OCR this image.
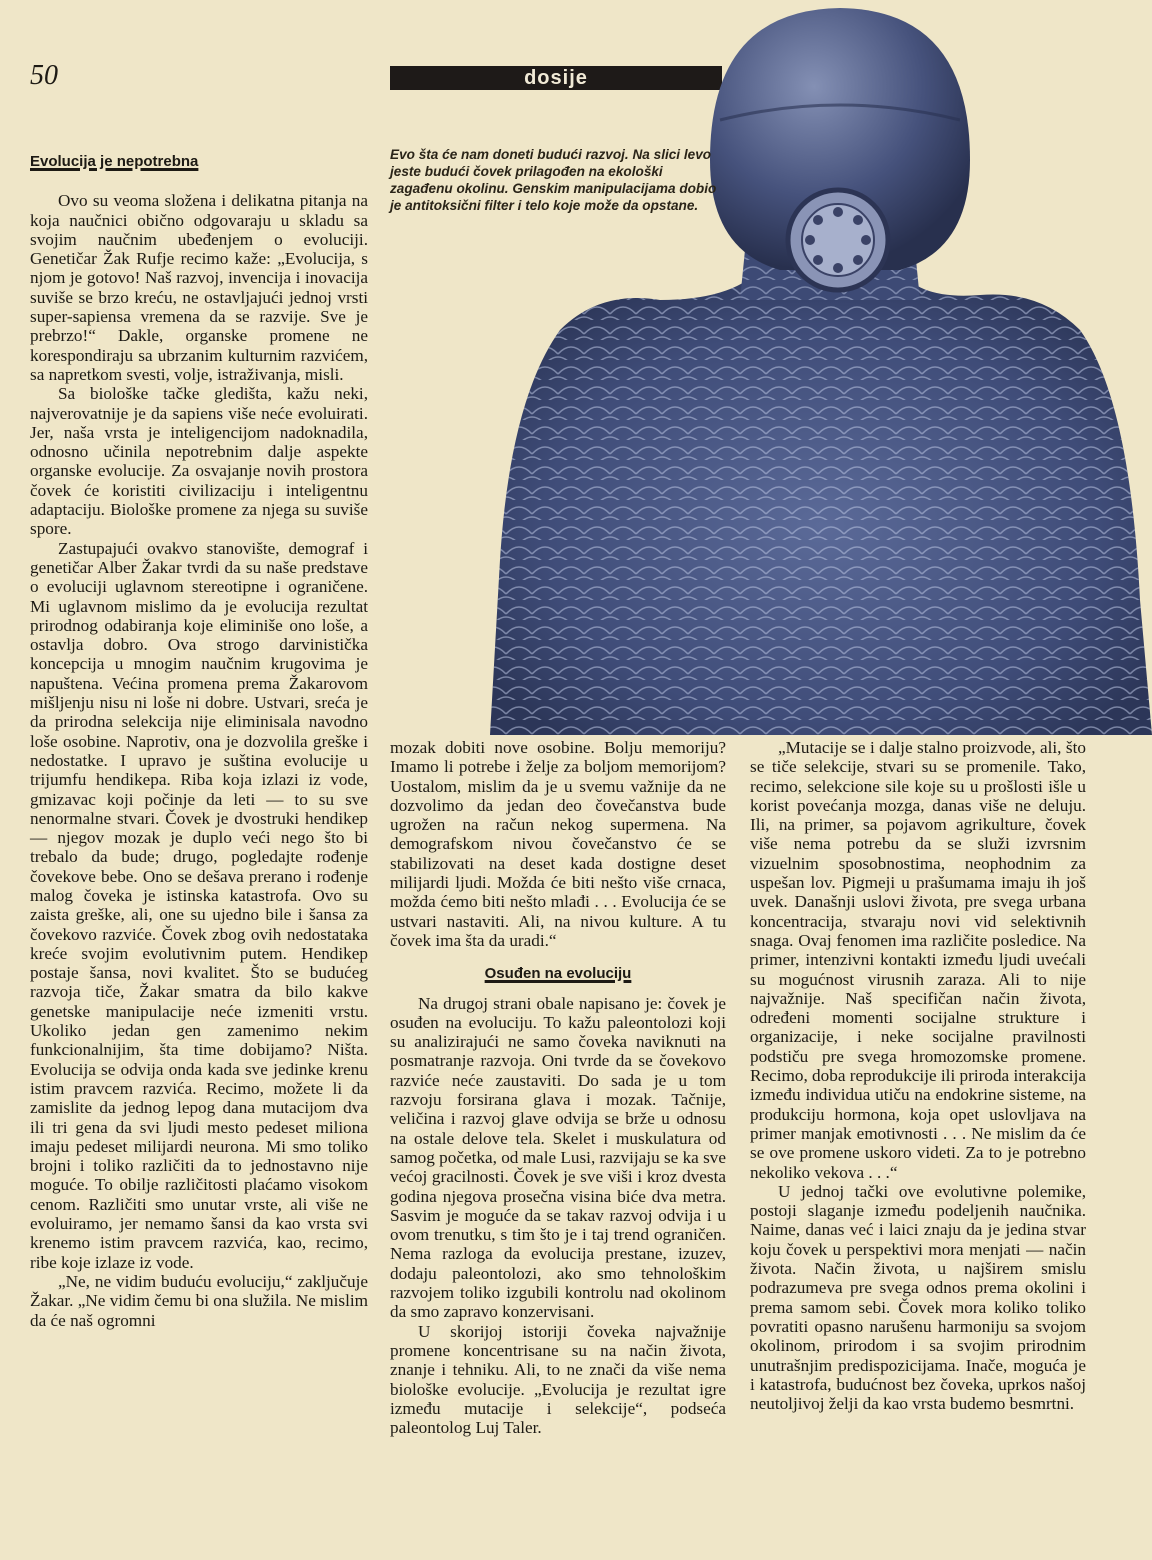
50	dosije
Evo šta će nam doneti budući razvoj. Na slici levo jeste budući čovek prilagođen na ekološki zagađenu okolinu. Genskim manipulacijama dobio je antitoksični filter i telo koje može da opstane.

Evolucija je nepotrebna

Ovo su veoma složena i delikatna pitanja na koja naučnici obično odgovaraju u skladu sa svojim naučnim ubeđenjem o evoluciji. Genetičar Žak Rufje recimo kaže: „Evolucija, s njom je gotovo! Naš razvoj, invencija i inovacija suviše se brzo kreću, ne ostavljajući jednoj vrsti super-sapiensa vremena da se razvije. Sve je prebrzo!“ Dakle, organske promene ne korespondiraju sa ubrzanim kulturnim razvićem, sa napretkom svesti, volje, istraživanja, misli.

Sa biološke tačke gledišta, kažu neki, najverovatnije je da sapiens više neće evoluirati. Jer, naša vrsta je inteligencijom nadoknadila, odnosno učinila nepotrebnim dalje aspekte organske evolucije. Za osvajanje novih prostora čovek će koristiti civilizaciju i inteligentnu adaptaciju. Biološke promene za njega su suviše spore.

Zastupajući ovakvo stanovište, demograf i genetičar Alber Žakar tvrdi da su naše predstave o evoluciji uglavnom stereotipne i ograničene. Mi uglavnom mislimo da je evolucija rezultat prirodnog odabiranja koje eliminiše ono loše, a ostavlja dobro. Ova strogo darvinistička koncepcija u mnogim naučnim krugovima je napuštena. Većina promena prema Žakarovom mišljenju nisu ni loše ni dobre. Ustvari, sreća je da prirodna selekcija nije eliminisala navodno loše osobine. Naprotiv, ona je dozvolila greške i nedostatke. I upravo je suština evolucije u trijumfu hendikepa. Riba koja izlazi iz vode, gmizavac koji počinje da leti — to su sve nenormalne stvari. Čovek je dvostruki hendikep — njegov mozak je duplo veći nego što bi trebalo da bude; drugo, pogledajte rođenje čovekove bebe. Ono se dešava prerano i rođenje malog čoveka je istinska katastrofa. Ovo su zaista greške, ali, one su ujedno bile i šansa za čovekovo razviće. Čovek zbog ovih nedostataka kreće svojim evolutivnim putem. Hendikep postaje šansa, novi kvalitet. Što se budućeg razvoja tiče, Žakar smatra da bilo kakve genetske manipulacije neće izmeniti vrstu. Ukoliko jedan gen zamenimo nekim funkcionalnijim, šta time dobijamo? Ništa. Evolucija se odvija onda kada sve jedinke krenu istim pravcem razvića. Recimo, možete li da zamislite da jednog lepog dana mutacijom dva ili tri gena da svi ljudi mesto pedeset miliona imaju pedeset milijardi neurona. Mi smo toliko brojni i toliko različiti da to jednostavno nije moguće. To obilje različitosti plaćamo visokom cenom. Različiti smo unutar vrste, ali više ne evoluiramo, jer nemamo šansi da kao vrsta svi krenemo istim pravcem razvića, kao, recimo, ribe koje izlaze iz vode.

„Ne, ne vidim buduću evoluciju,“ zaključuje Žakar. „Ne vidim čemu bi ona služila. Ne mislim da će naš ogromni

mozak dobiti nove osobine. Bolju memoriju? Imamo li potrebe i želje za boljom memorijom? Uostalom, mislim da je u svemu važnije da ne dozvolimo da jedan deo čovečanstva bude ugrožen na račun nekog supermena. Na demografskom nivou čovečanstvo će se stabilizovati na deset kada dostigne deset milijardi ljudi. Možda će biti nešto više crnaca, možda ćemo biti nešto mlađi . . . Evolucija će se ustvari nastaviti. Ali, na nivou kulture. A tu čovek ima šta da uradi.“

Osuđen na evoluciju

Na drugoj strani obale napisano je: čovek je osuđen na evoluciju. To kažu paleontolozi koji su analizirajući ne samo čoveka naviknuti na posmatranje razvoja. Oni tvrde da se čovekovo razviće neće zaustaviti. Do sada je u tom razvoju forsirana glava i mozak. Tačnije, veličina i razvoj glave odvija se brže u odnosu na ostale delove tela. Skelet i muskulatura od samog početka, od male Lusi, razvijaju se ka sve većoj gracilnosti. Čovek je sve viši i kroz dvesta godina njegova prosečna visina biće dva metra. Sasvim je moguće da se takav razvoj odvija i u ovom trenutku, s tim što je i taj trend ograničen. Nema razloga da evolucija prestane, izuzev, dodaju paleontolozi, ako smo tehnološkim razvojem toliko izgubili kontrolu nad okolinom da smo zapravo konzervisani.

U skorijoj istoriji čoveka najvažnije promene koncentrisane su na način života, znanje i tehniku. Ali, to ne znači da više nema biološke evolucije. „Evolucija je rezultat igre između mutacije i selekcije“, podseća paleontolog Luj Taler.

„Mutacije se i dalje stalno proizvode, ali, što se tiče selekcije, stvari su se promenile. Tako, recimo, selekcione sile koje su u prošlosti išle u korist povećanja mozga, danas više ne deluju. Ili, na primer, sa pojavom agrikulture, čovek više nema potrebu da se služi izvrsnim vizuelnim sposobnostima, neophodnim za uspešan lov. Pigmeji u prašumama imaju ih još uvek. Današnji uslovi života, pre svega urbana koncentracija, stvaraju novi vid selektivnih snaga. Ovaj fenomen ima različite posledice. Na primer, intenzivni kontakti između ljudi uvećali su mogućnost virusnih zaraza. Ali to nije najvažnije. Naš specifičan način života, određeni momenti socijalne strukture i organizacije, i neke socijalne pravilnosti podstiču pre svega hromozomske promene. Recimo, doba reprodukcije ili priroda interakcija između individua utiču na endokrine sisteme, na produkciju hormona, koja opet uslovljava na primer manjak emotivnosti . . . Ne mislim da će se ove promene uskoro videti. Za to je potrebno nekoliko vekova . . .“

U jednoj tački ove evolutivne polemike, postoji slaganje između podeljenih naučnika. Naime, danas već i laici znaju da je jedina stvar koju čovek u perspektivi mora menjati — način života. Način života, u najširem smislu podrazumeva pre svega odnos prema okolini i prema samom sebi. Čovek mora koliko toliko povratiti opasno narušenu harmoniju sa svojom okolinom, prirodom i sa svojim prirodnim unutrašnjim predispozicijama. Inače, moguća je i katastrofa, budućnost bez čoveka, uprkos našoj neutoljivoj želji da kao vrsta budemo besmrtni.
